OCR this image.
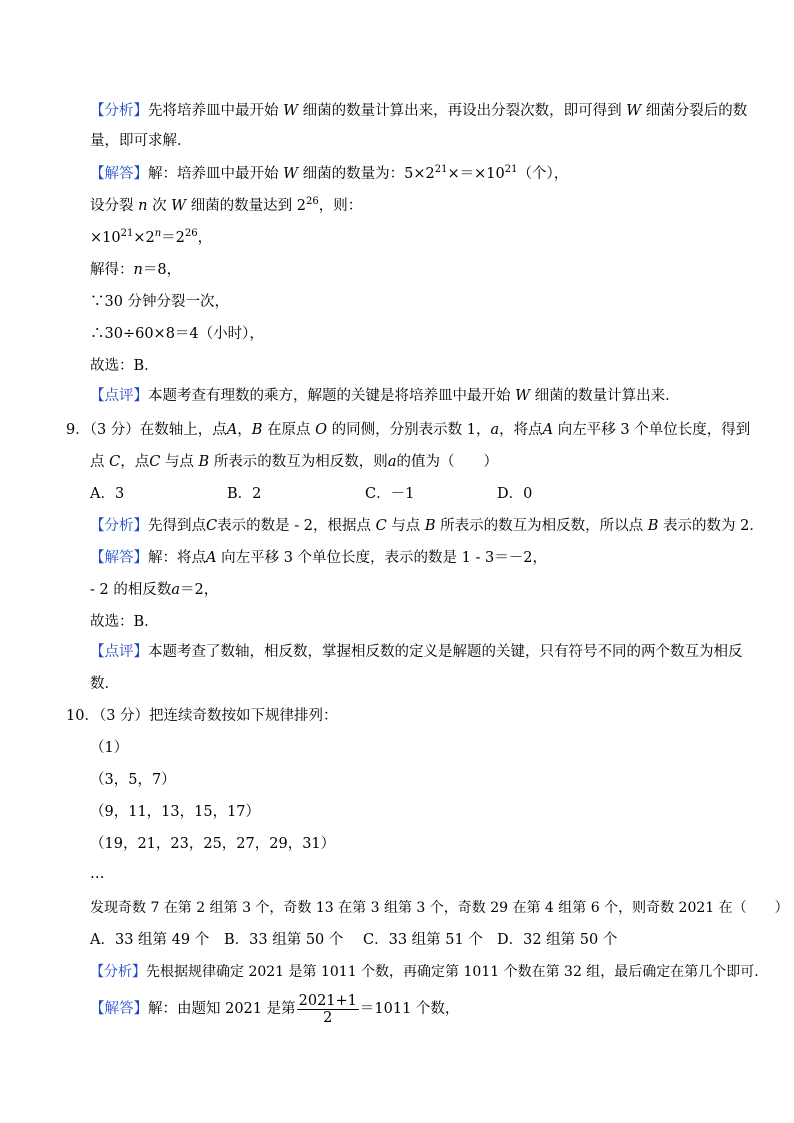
【分析】先将培养皿中最开始 W 细菌的数量计算出来，再设出分裂次数，即可得到 W 细菌分裂后的数
量，即可求解．
【解答】解：培养皿中最开始 W 细菌的数量为：$5\times 2^{21}\times=\times 10^{21}$（个），
设分裂 n 次 W 细菌的数量达到 $2^{26}$，则：
$\times 10^{21}\times 2^n=2^{26}$，
解得：n＝8，
∵30 分钟分裂一次，
∴30÷60×8＝4（小时），
故选：B．
【点评】本题考查有理数的乘方，解题的关键是将培养皿中最开始 W 细菌的数量计算出来．
9．（3 分）在数轴上，点A，B 在原点 O 的同侧，分别表示数 1，a，将点A 向左平移 3 个单位长度，得到
点 C，点C 与点 B 所表示的数互为相反数，则a的值为（　　）
A．3	B．2	C．－1	D．0
【分析】先得到点C表示的数是 - 2，根据点 C 与点 B 所表示的数互为相反数，所以点 B 表示的数为 2．
【解答】解：将点A 向左平移 3 个单位长度，表示的数是 1 - 3＝－2，
- 2 的相反数a＝2，
故选：B．
【点评】本题考查了数轴，相反数，掌握相反数的定义是解题的关键，只有符号不同的两个数互为相反
数．
10．（3 分）把连续奇数按如下规律排列：
（1）
（3，5，7）
（9，11，13，15，17）
（19，21，23，25，27，29，31）
…
发现奇数 7 在第 2 组第 3 个，奇数 13 在第 3 组第 3 个，奇数 29 在第 4 组第 6 个，则奇数 2021 在（　　）
A．33 组第 49 个 B．33 组第 50 个 C．33 组第 51 个 D．32 组第 50 个
【分析】先根据规律确定 2021 是第 1011 个数，再确定第 1011 个数在第 32 组，最后确定在第几个即可．
【解答】解：由题知 2021 是第 $\frac{2021+1}{2} =1011$ 个数，
